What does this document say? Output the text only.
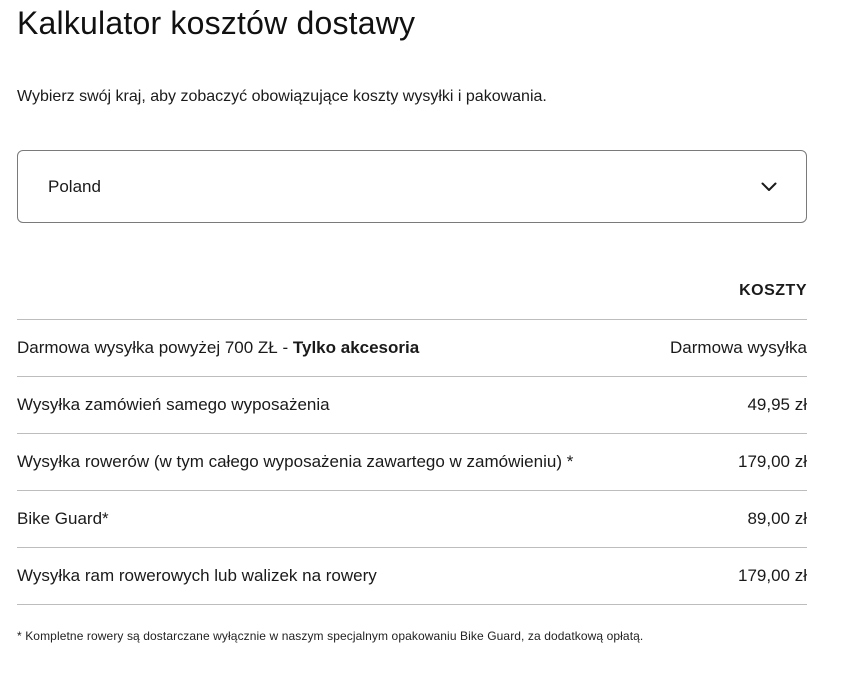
Kalkulator kosztów dostawy

Wybierz swój kraj, aby zobaczyć obowiązujące koszty wysyłki i pakowania.

Poland
KOSZTY
Darmowa wysyłka powyżej 700 ZŁ - Tylko akcesoria	Darmowa wysyłka
Wysyłka zamówień samego wyposażenia	49,95 zł
Wysyłka rowerów (w tym całego wyposażenia zawartego w zamówieniu) *	179,00 zł
Bike Guard*	89,00 zł
Wysyłka ram rowerowych lub walizek na rowery	179,00 zł
* Kompletne rowery są dostarczane wyłącznie w naszym specjalnym opakowaniu Bike Guard, za dodatkową opłatą.
